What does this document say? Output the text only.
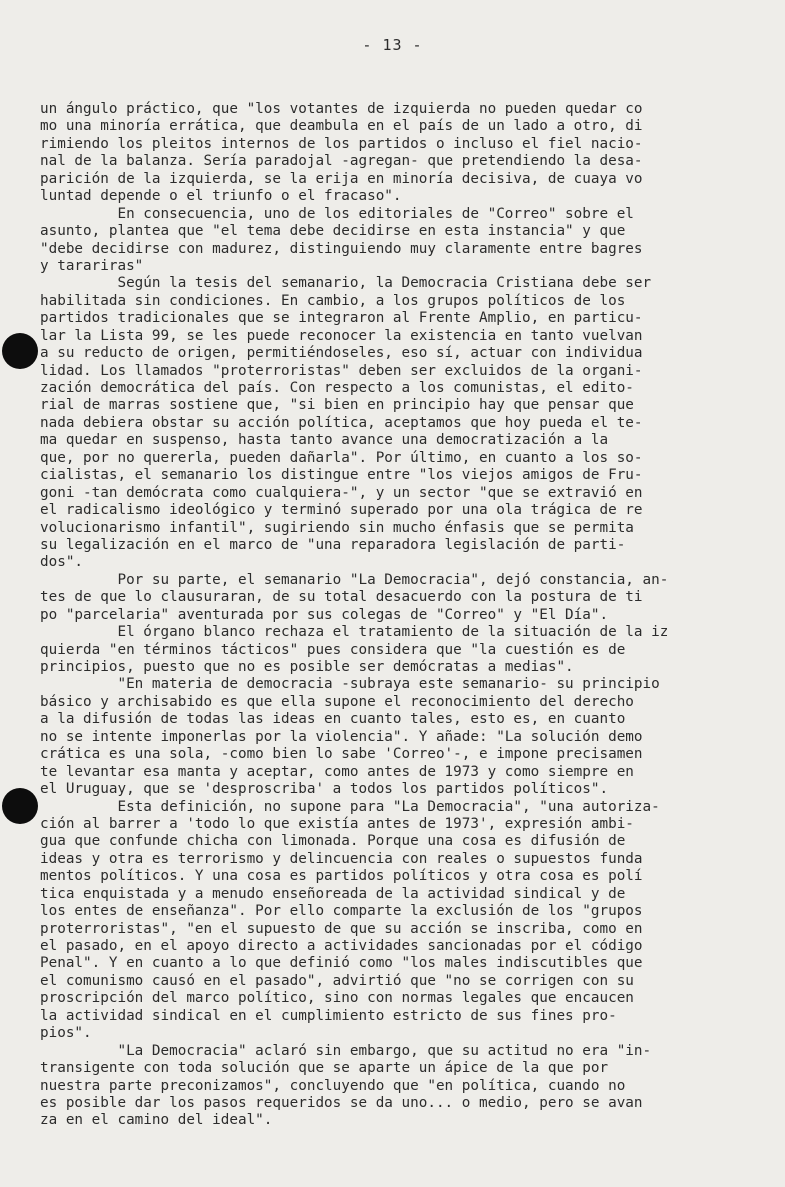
- 13 -
un ángulo práctico, que "los votantes de izquierda no pueden quedar co
mo una minoría errática, que deambula en el país de un lado a otro, di
rimiendo los pleitos internos de los partidos o incluso el fiel nacio-
nal de la balanza. Sería paradojal -agregan- que pretendiendo la desa-
parición de la izquierda, se la erija en minoría decisiva, de cuaya vo
luntad depende o el triunfo o el fracaso".
En consecuencia, uno de los editoriales de "Correo" sobre el
asunto, plantea que "el tema debe decidirse en esta instancia" y que
"debe decidirse con madurez, distinguiendo muy claramente entre bagres
y tarariras"
Según la tesis del semanario, la Democracia Cristiana debe ser
habilitada sin condiciones. En cambio, a los grupos políticos de los
partidos tradicionales que se integraron al Frente Amplio, en particu-
lar la Lista 99, se les puede reconocer la existencia en tanto vuelvan
a su reducto de origen, permitiéndoseles, eso sí, actuar con individua
lidad. Los llamados "proterroristas" deben ser excluidos de la organi-
zación democrática del país. Con respecto a los comunistas, el edito-
rial de marras sostiene que, "si bien en principio hay que pensar que
nada debiera obstar su acción política, aceptamos que hoy pueda el te-
ma quedar en suspenso, hasta tanto avance una democratización a la
que, por no quererla, pueden dañarla". Por último, en cuanto a los so-
cialistas, el semanario los distingue entre "los viejos amigos de Fru-
goni -tan demócrata como cualquiera-", y un sector "que se extravió en
el radicalismo ideológico y terminó superado por una ola trágica de re
volucionarismo infantil", sugiriendo sin mucho énfasis que se permita
su legalización en el marco de "una reparadora legislación de parti-
dos".
Por su parte, el semanario "La Democracia", dejó constancia, an-
tes de que lo clausuraran, de su total desacuerdo con la postura de ti
po "parcelaria" aventurada por sus colegas de "Correo" y "El Día".
El órgano blanco rechaza el tratamiento de la situación de la iz
quierda "en términos tácticos" pues considera que "la cuestión es de
principios, puesto que no es posible ser demócratas a medias".
"En materia de democracia -subraya este semanario- su principio
básico y archisabido es que ella supone el reconocimiento del derecho
a la difusión de todas las ideas en cuanto tales, esto es, en cuanto
no se intente imponerlas por la violencia". Y añade: "La solución demo
crática es una sola, -como bien lo sabe 'Correo'-, e impone precisamen
te levantar esa manta y aceptar, como antes de 1973 y como siempre en
el Uruguay, que se 'desproscriba' a todos los partidos políticos".
Esta definición, no supone para "La Democracia", "una autoriza-
ción al barrer a 'todo lo que existía antes de 1973', expresión ambi-
gua que confunde chicha con limonada. Porque una cosa es difusión de
ideas y otra es terrorismo y delincuencia con reales o supuestos funda
mentos políticos. Y una cosa es partidos políticos y otra cosa es polí
tica enquistada y a menudo enseñoreada de la actividad sindical y de
los entes de enseñanza". Por ello comparte la exclusión de los "grupos
proterroristas", "en el supuesto de que su acción se inscriba, como en
el pasado, en el apoyo directo a actividades sancionadas por el código
Penal". Y en cuanto a lo que definió como "los males indiscutibles que
el comunismo causó en el pasado", advirtió que "no se corrigen con su
proscripción del marco político, sino con normas legales que encaucen
la actividad sindical en el cumplimiento estricto de sus fines pro-
pios".
"La Democracia" aclaró sin embargo, que su actitud no era "in-
transigente con toda solución que se aparte un ápice de la que por
nuestra parte preconizamos", concluyendo que "en política, cuando no
es posible dar los pasos requeridos se da uno... o medio, pero se avan
za en el camino del ideal".
